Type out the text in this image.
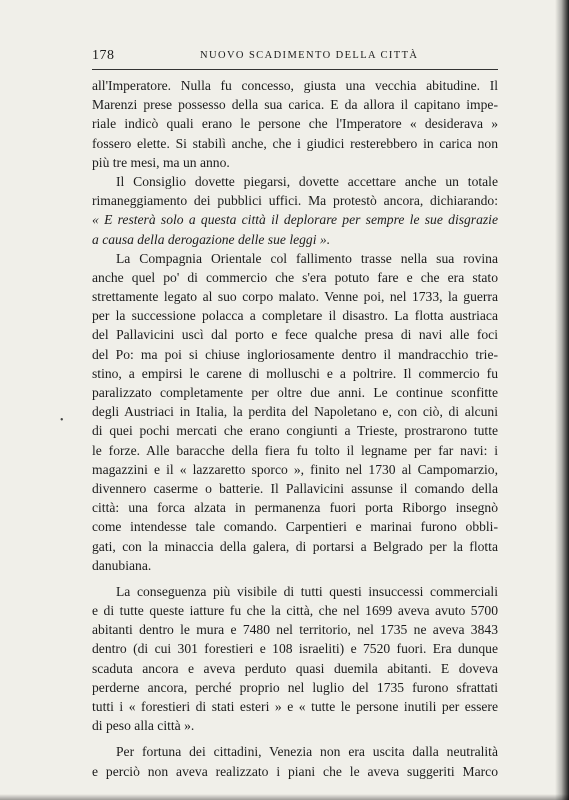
178	NUOVO SCADIMENTO DELLA CITTÀ
•
all'Imperatore. Nulla fu concesso, giusta una vecchia abitudine. Il
Marenzi prese possesso della sua carica. E da allora il capitano impe-
riale indicò quali erano le persone che l'Imperatore « desiderava »
fossero elette. Si stabilì anche, che i giudici resterebbero in carica non
più tre mesi, ma un anno.
Il Consiglio dovette piegarsi, dovette accettare anche un totale
rimaneggiamento dei pubblici uffici. Ma protestò ancora, dichiarando:
« E resterà solo a questa città il deplorare per sempre le sue disgrazie
a causa della derogazione delle sue leggi ».
La Compagnia Orientale col fallimento trasse nella sua rovina
anche quel po' di commercio che s'era potuto fare e che era stato
strettamente legato al suo corpo malato. Venne poi, nel 1733, la guerra
per la successione polacca a completare il disastro. La flotta austriaca
del Pallavicini uscì dal porto e fece qualche presa di navi alle foci
del Po: ma poi si chiuse ingloriosamente dentro il mandracchio trie-
stino, a empirsi le carene di molluschi e a poltrire. Il commercio fu
paralizzato completamente per oltre due anni. Le continue sconfitte
degli Austriaci in Italia, la perdita del Napoletano e, con ciò, di alcuni
di quei pochi mercati che erano congiunti a Trieste, prostrarono tutte
le forze. Alle baracche della fiera fu tolto il legname per far navi: i
magazzini e il « lazzaretto sporco », finito nel 1730 al Campomarzio,
divennero caserme o batterie. Il Pallavicini assunse il comando della
città: una forca alzata in permanenza fuori porta Riborgo insegnò
come intendesse tale comando. Carpentieri e marinai furono obbli-
gati, con la minaccia della galera, di portarsi a Belgrado per la flotta
danubiana.
La conseguenza più visibile di tutti questi insuccessi commerciali
e di tutte queste iatture fu che la città, che nel 1699 aveva avuto 5700
abitanti dentro le mura e 7480 nel territorio, nel 1735 ne aveva 3843
dentro (di cui 301 forestieri e 108 israeliti) e 7520 fuori. Era dunque
scaduta ancora e aveva perduto quasi duemila abitanti. E doveva
perderne ancora, perché proprio nel luglio del 1735 furono sfrattati
tutti i « forestieri di stati esteri » e « tutte le persone inutili per essere
di peso alla città ».
Per fortuna dei cittadini, Venezia non era uscita dalla neutralità
e perciò non aveva realizzato i piani che le aveva suggeriti Marco
